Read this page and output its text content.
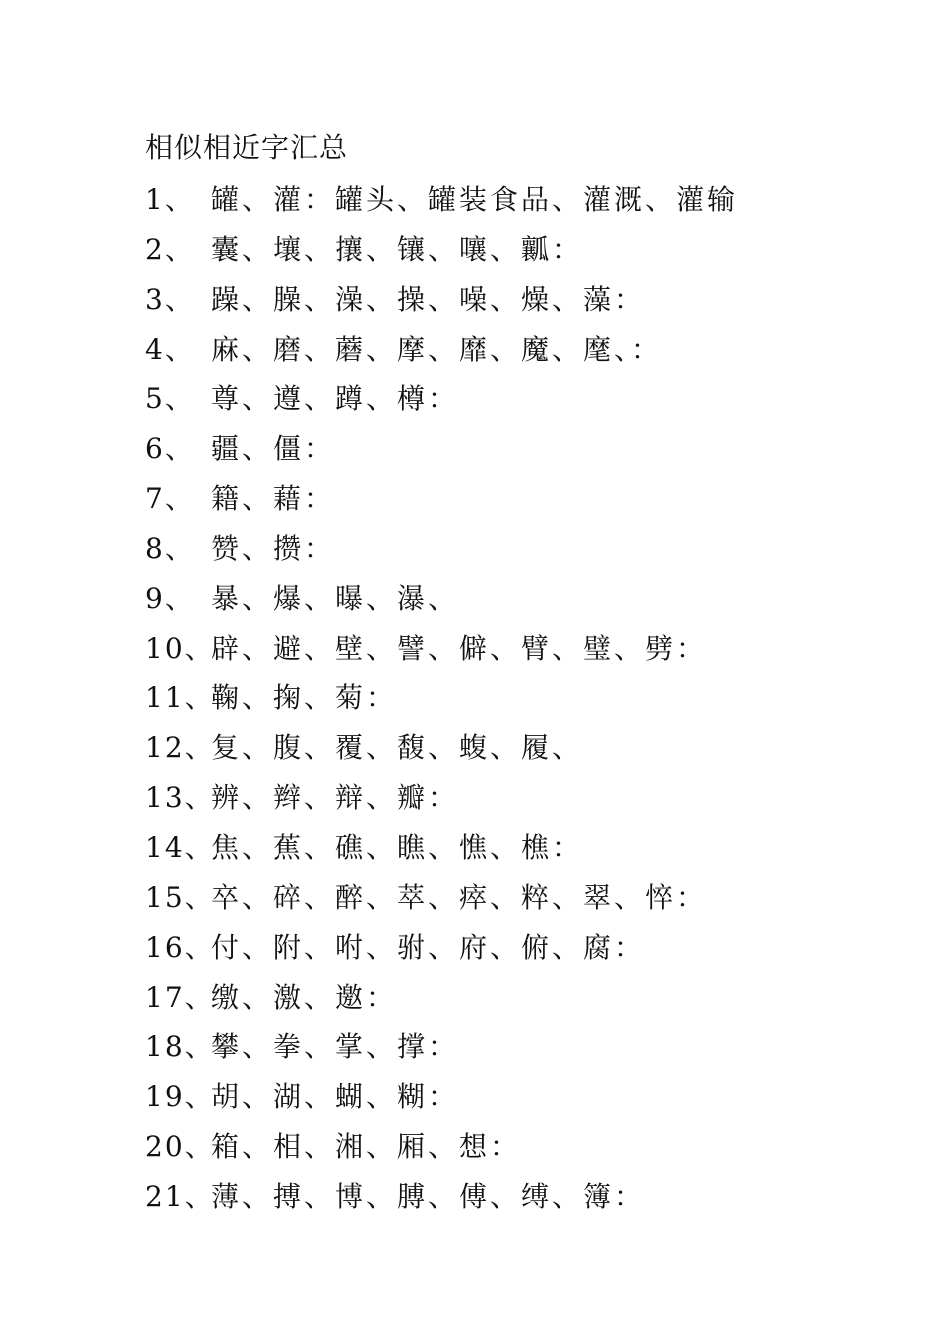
相似相近字汇总
1、 罐、灌：罐头、罐装食品、灌溉、灌输
2、 囊、壤、攘、镶、嚷、瓤：
3、 躁、臊、澡、操、噪、燥、藻：
4、 麻、磨、蘑、摩、靡、魔、麾、：
5、 尊、遵、蹲、樽：
6、 疆、僵：
7、 籍、藉：
8、 赞、攒：
9、 暴、爆、曝、瀑、
10、
辟、避、壁、譬、僻、臂、璧、劈：
11、
鞠、掬、菊：
12、
复、腹、覆、馥、蝮、履、
13、
辨、辫、辩、瓣：
14、
焦、蕉、礁、瞧、憔、樵：
15、
卒、碎、醉、萃、瘁、粹、翠、悴：
16、
付、附、咐、驸、府、俯、腐：
17、
缴、激、邀：
18、
攀、拳、掌、撑：
19、
胡、湖、蝴、糊：
20、
箱、相、湘、厢、想：
21、
薄、搏、博、膊、傅、缚、簿：
